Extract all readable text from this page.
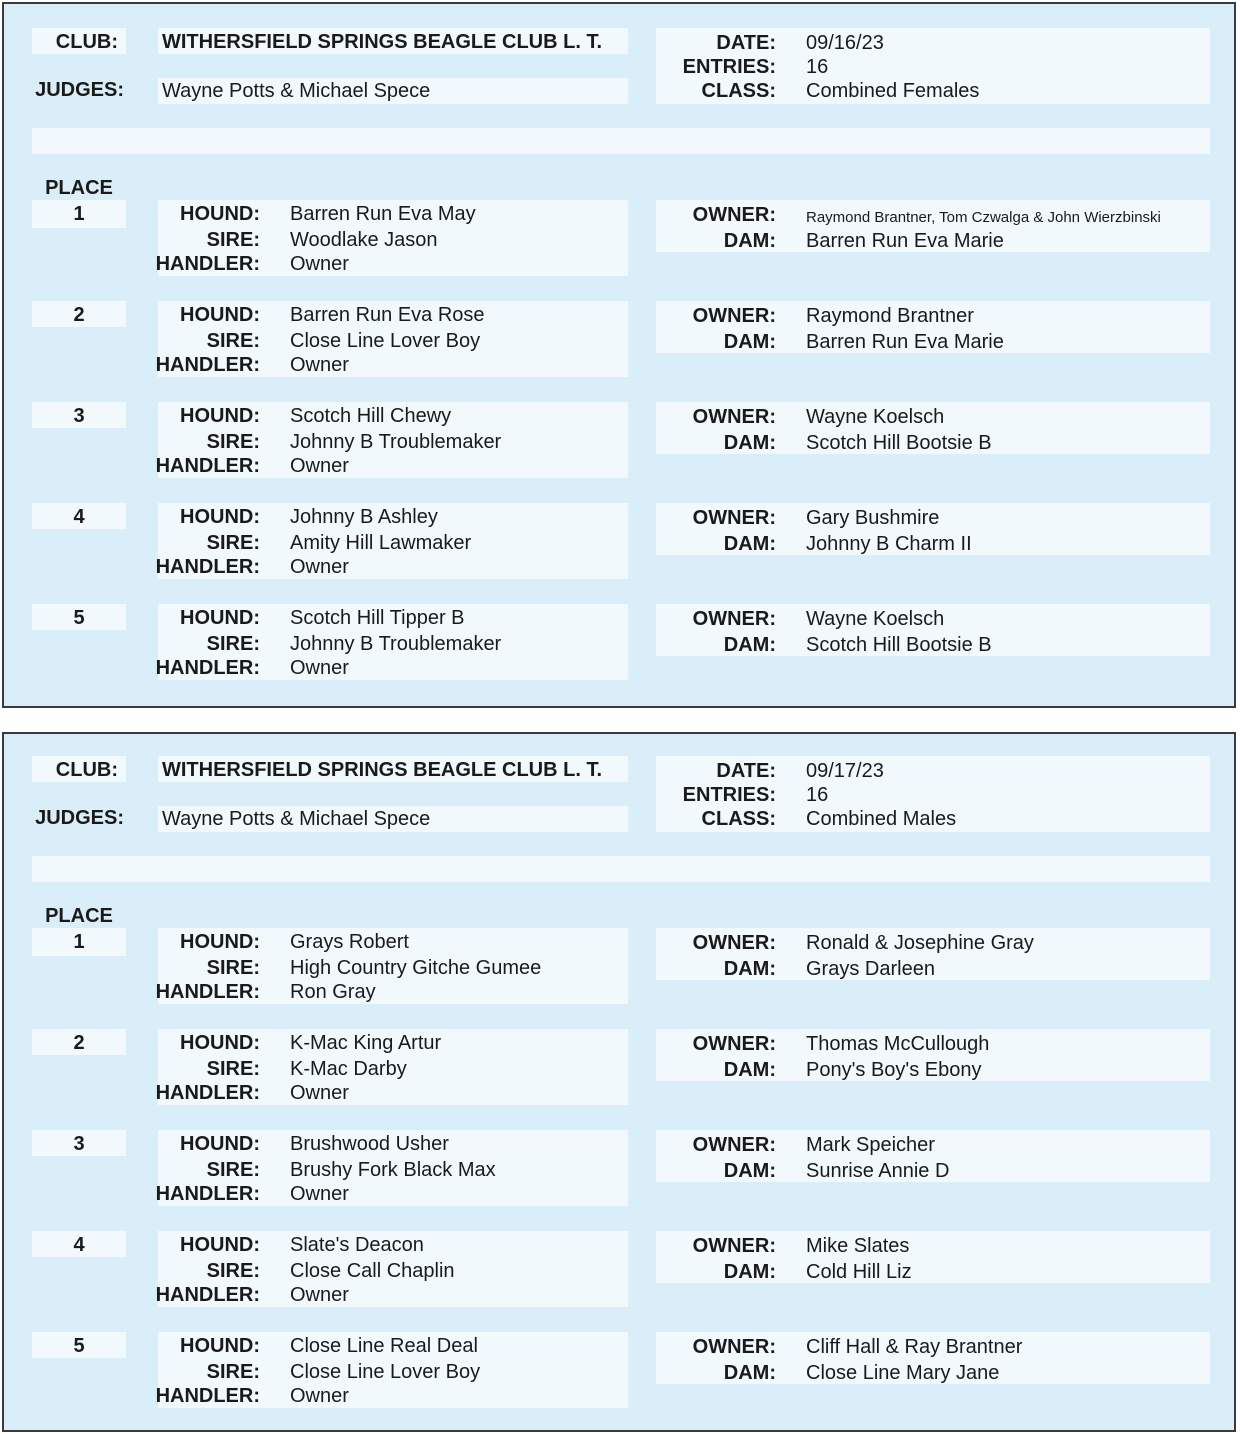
CLUB: WITHERSFIELD SPRINGS BEAGLE CLUB L. T.
JUDGES: Wayne Potts & Michael Spece
DATE: 09/16/23
ENTRIES: 16
CLASS: Combined Females
PLACE
1	HOUND: Barren Run Eva May
SIRE: Woodlake Jason
HANDLER: Owner
OWNER: Raymond Brantner, Tom Czwalga & John Wierzbinski
DAM: Barren Run Eva Marie
2	HOUND: Barren Run Eva Rose
SIRE: Close Line Lover Boy
HANDLER: Owner
OWNER: Raymond Brantner
DAM: Barren Run Eva Marie
3	HOUND: Scotch Hill Chewy
SIRE: Johnny B Troublemaker
HANDLER: Owner
OWNER: Wayne Koelsch
DAM: Scotch Hill Bootsie B
4	HOUND: Johnny B Ashley
SIRE: Amity Hill Lawmaker
HANDLER: Owner
OWNER: Gary Bushmire
DAM: Johnny B Charm II
5	HOUND: Scotch Hill Tipper B
SIRE: Johnny B Troublemaker
HANDLER: Owner
OWNER: Wayne Koelsch
DAM: Scotch Hill Bootsie B
CLUB: WITHERSFIELD SPRINGS BEAGLE CLUB L. T.
JUDGES: Wayne Potts & Michael Spece
DATE: 09/17/23
ENTRIES: 16
CLASS: Combined Males
PLACE
1	HOUND: Grays Robert
SIRE: High Country Gitche Gumee
HANDLER: Ron Gray
OWNER: Ronald & Josephine Gray
DAM: Grays Darleen
2	HOUND: K-Mac King Artur
SIRE: K-Mac Darby
HANDLER: Owner
OWNER: Thomas McCullough
DAM: Pony's Boy's Ebony
3	HOUND: Brushwood Usher
SIRE: Brushy Fork Black Max
HANDLER: Owner
OWNER: Mark Speicher
DAM: Sunrise Annie D
4	HOUND: Slate's Deacon
SIRE: Close Call Chaplin
HANDLER: Owner
OWNER: Mike Slates
DAM: Cold Hill Liz
5	HOUND: Close Line Real Deal
SIRE: Close Line Lover Boy
HANDLER: Owner
OWNER: Cliff Hall & Ray Brantner
DAM: Close Line Mary Jane
